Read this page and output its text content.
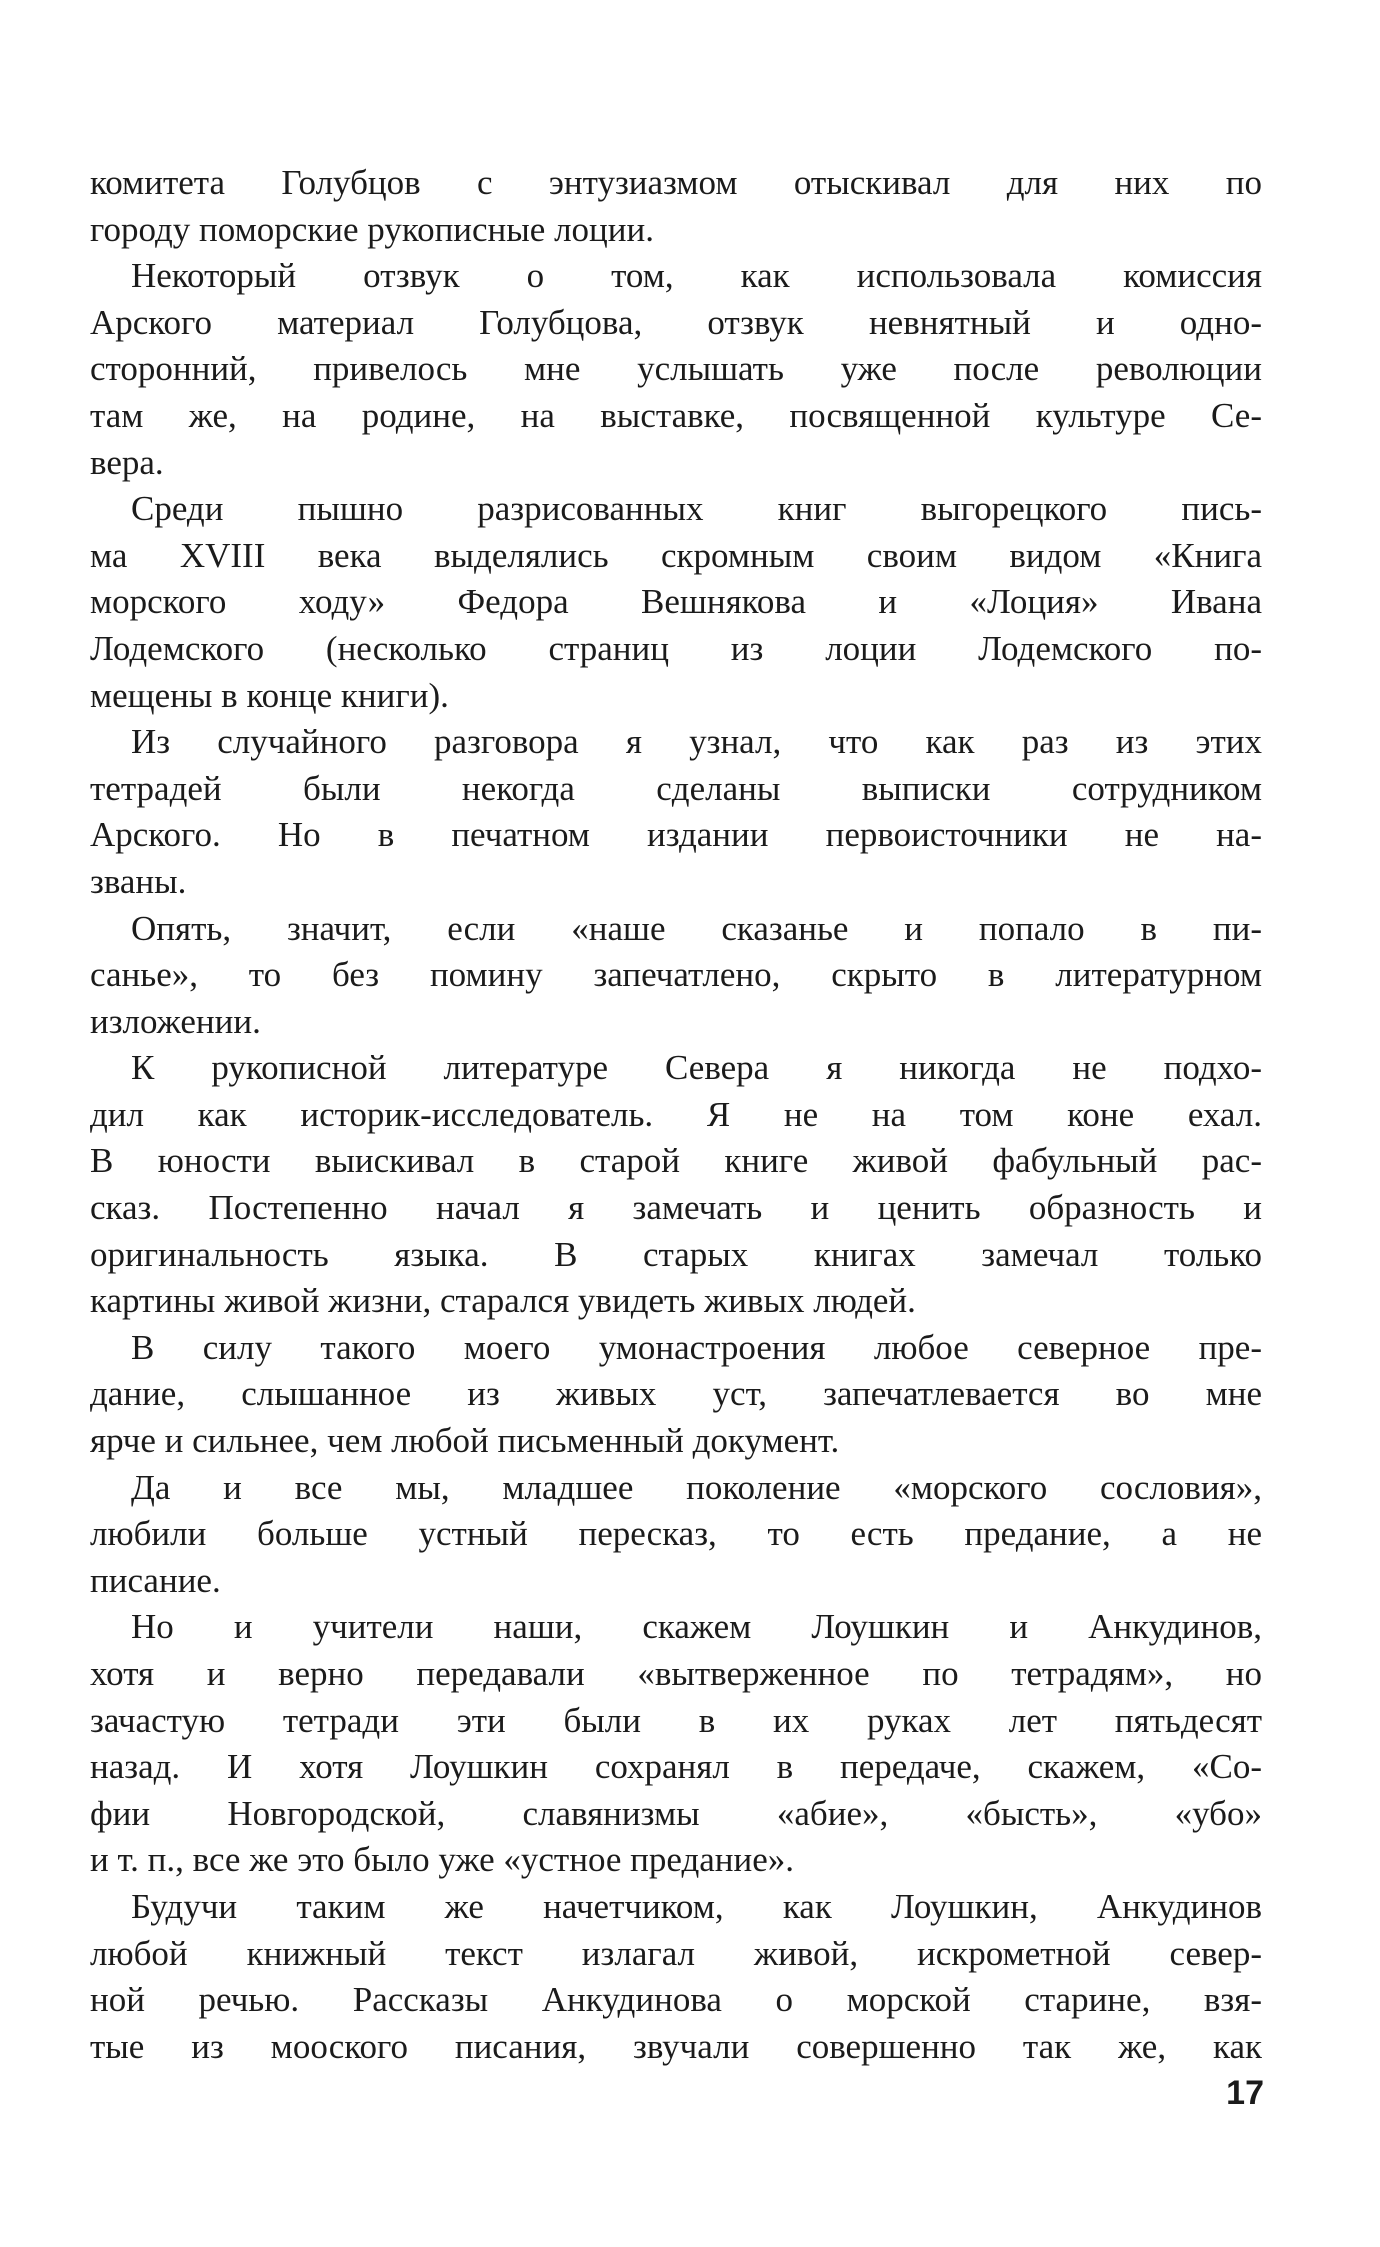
комитета Голубцов с энтузиазмом отыскивал для них по
городу поморские рукописные лоции.
Некоторый отзвук о том, как использовала комиссия
Арского материал Голубцова, отзвук невнятный и одно-
сторонний, привелось мне услышать уже после революции
там же, на родине, на выставке, посвященной культуре Се-
вера.
Среди пышно разрисованных книг выгорецкого пись-
ма XVIII века выделялись скромным своим видом «Книга
морского ходу» Федора Вешнякова и «Лоция» Ивана
Лодемского (несколько страниц из лоции Лодемского по-
мещены в конце книги).
Из случайного разговора я узнал, что как раз из этих
тетрадей были некогда сделаны выписки сотрудником
Арского. Но в печатном издании первоисточники не на-
званы.
Опять, значит, если «наше сказанье и попало в пи-
санье», то без помину запечатлено, скрыто в литературном
изложении.
К рукописной литературе Севера я никогда не подхо-
дил как историк-исследователь. Я не на том коне ехал.
В юности выискивал в старой книге живой фабульный рас-
сказ. Постепенно начал я замечать и ценить образность и
оригинальность языка. В старых книгах замечал только
картины живой жизни, старался увидеть живых людей.
В силу такого моего умонастроения любое северное пре-
дание, слышанное из живых уст, запечатлевается во мне
ярче и сильнее, чем любой письменный документ.
Да и все мы, младшее поколение «морского сословия»,
любили больше устный пересказ, то есть предание, а не
писание.
Но и учители наши, скажем Лоушкин и Анкудинов,
хотя и верно передавали «вытверженное по тетрадям», но
зачастую тетради эти были в их руках лет пятьдесят
назад. И хотя Лоушкин сохранял в передаче, скажем, «Со-
фии Новгородской, славянизмы «абие», «бысть», «убо»
и т. п., все же это было уже «устное предание».
Будучи таким же начетчиком, как Лоушкин, Анкудинов
любой книжный текст излагал живой, искрометной север-
ной речью. Рассказы Анкудинова о морской старине, взя-
тые из мооского писания, звучали совершенно так же, как
17
